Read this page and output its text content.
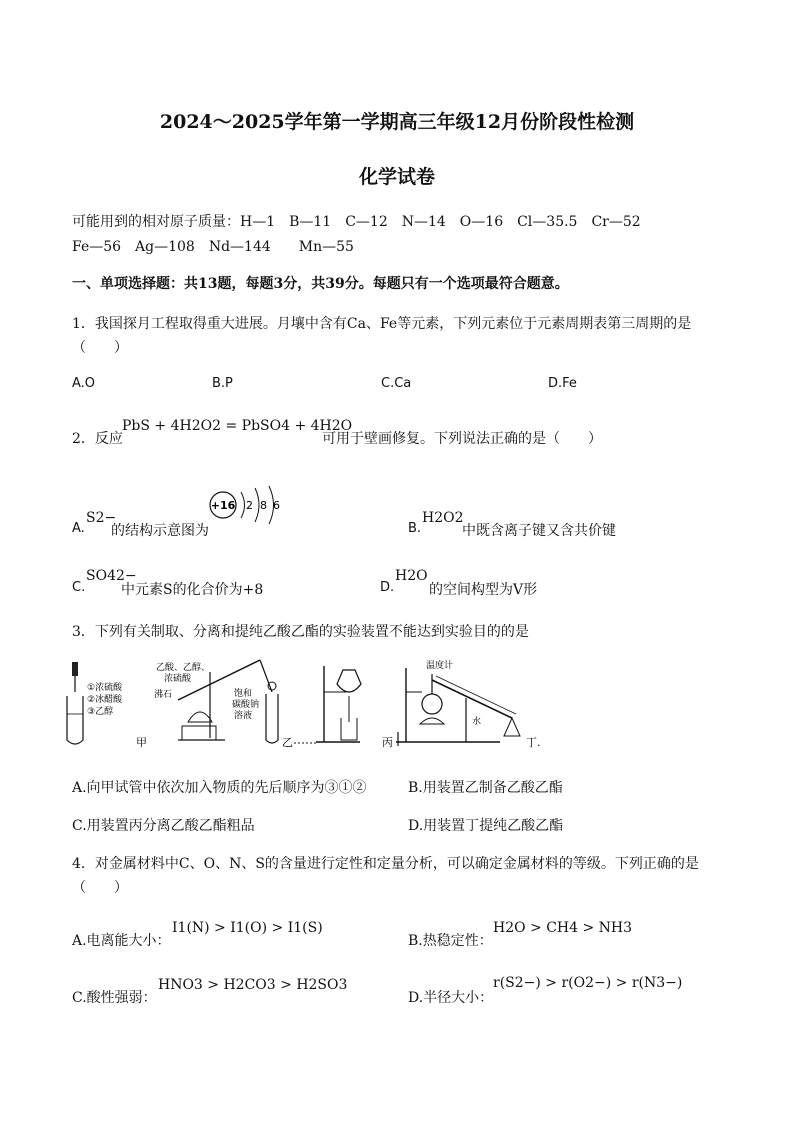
2024～2025学年第一学期高三年级12月份阶段性检测
化学试卷
可能用到的相对原子质量：H—1　B—11　C—12　N—14　O—16　Cl—35.5　Cr—52
Fe—56　Ag—108　Nd—144　　Mn—55
一、单项选择题：共13题，每题3分，共39分。每题只有一个选项最符合题意。
1．我国探月工程取得重大进展。月壤中含有Ca、Fe等元素，下列元素位于元素周期表第三周期的是
（　　）
A.O	B.P	C.Ca	D.Fe
2．反应
PbS + 4H2O2 = PbSO4 + 4H2O
可用于壁画修复。下列说法正确的是（　　）
A.
S2−
的结构示意图为
+16 2 8 6
B.
H2O2
中既含离子键又含共价键
C.
SO42−
中元素S的化合价为+8	D.
H2O
的空间构型为V形
3．下列有关制取、分离和提纯乙酸乙酯的实验装置不能达到实验目的的是
①浓硫酸
②冰醋酸
③乙醇
甲
乙酸、乙醇、
浓硫酸
沸石	饱和
碳酸钠
溶液
乙	丙
温度计
水
丁.
A.向甲试管中依次加入物质的先后顺序为③①②	B.用装置乙制备乙酸乙酯
C.用装置丙分离乙酸乙酯粗品	D.用装置丁提纯乙酸乙酯
4．对金属材料中C、O、N、S的含量进行定性和定量分析，可以确定金属材料的等级。下列正确的是
（　　）
A.电离能大小：
I1(N) > I1(O) > I1(S)
B.热稳定性：
H2O > CH4 > NH3
C.酸性强弱：
HNO3 > H2CO3 > H2SO3
D.半径大小：
r(S2−) > r(O2−) > r(N3−)
